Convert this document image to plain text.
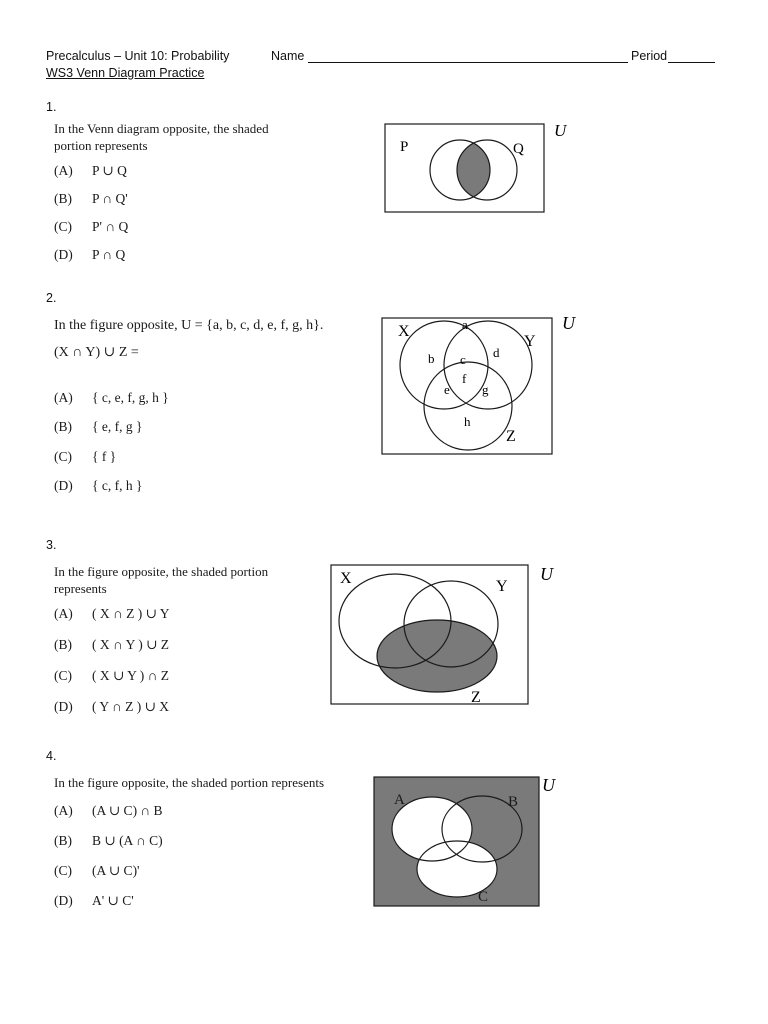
Precalculus – Unit 10: Probability	Name	Period
WS3 Venn Diagram Practice
1.
In the Venn diagram opposite, the shaded
portion represents
(A) P ∪ Q
(B) P ∩ Q'
(C) P' ∩ Q
(D) P ∩ Q
P	Q
U
2.
In the figure opposite, U = {a, b, c, d, e, f, g, h}.
(X ∩ Y) ∪ Z =
(A) { c, e, f, g, h }
(B) { e, f, g }
(C) { f }
(D) { c, f, h }
X
Y
Z
a
b c d
e
f
g
h
U
3.
In the figure opposite, the shaded portion
represents
(A) ( X ∩ Z ) ∪ Y
(B) ( X ∩ Y ) ∪ Z
(C) ( X ∪ Y ) ∩ Z
(D) ( Y ∩ Z ) ∪ X
X	Y
Z
U
4.
In the figure opposite, the shaded portion represents
(A) (A ∪ C) ∩ B
(B) B ∪ (A ∩ C)
(C) (A ∪ C)'
(D) A' ∪ C'
A	B
C
U
